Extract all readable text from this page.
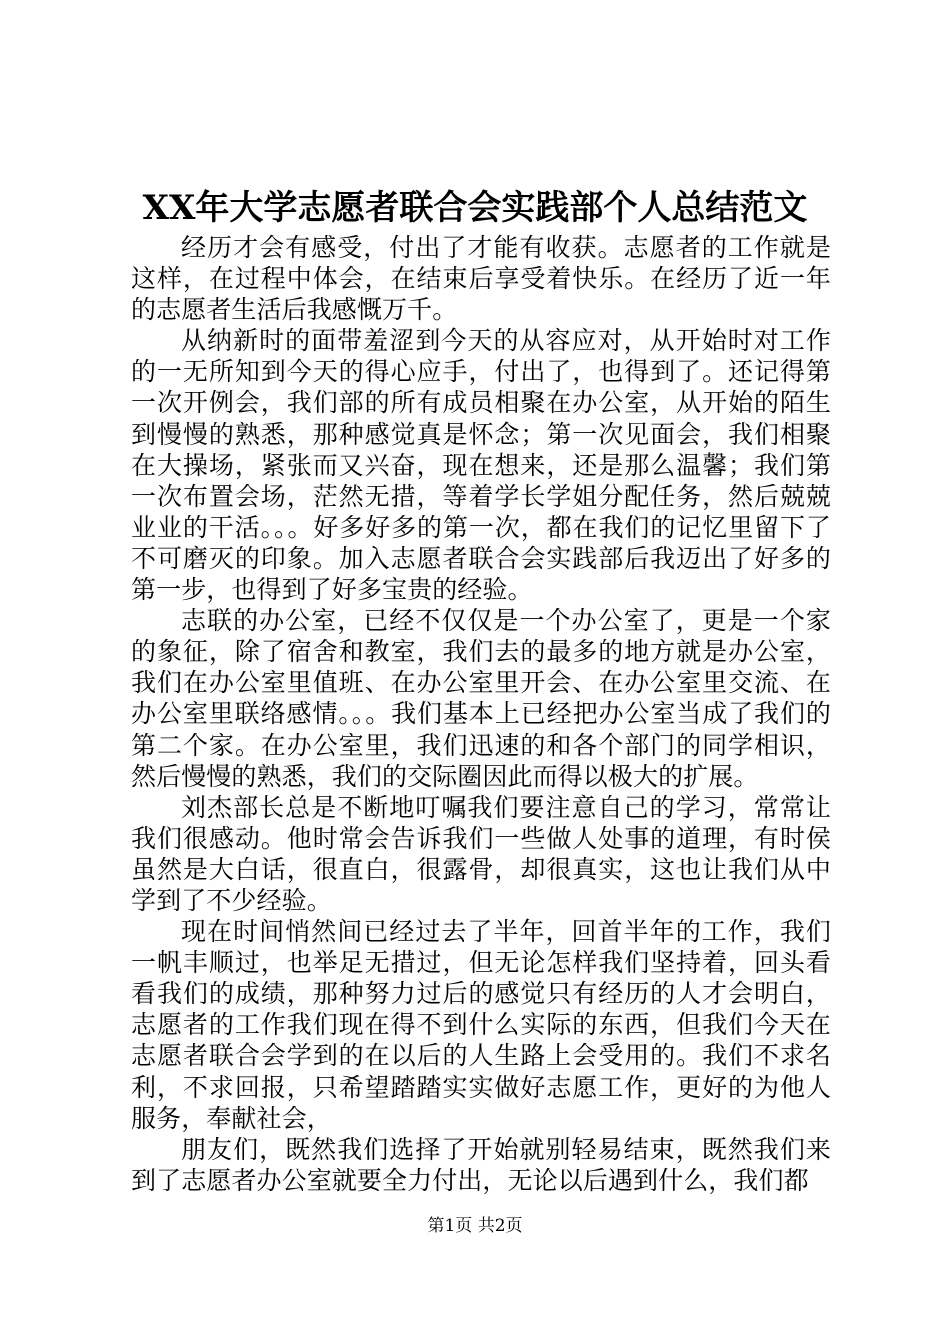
XX年大学志愿者联合会实践部个人总结范文

经历才会有感受，付出了才能有收获。志愿者的工作就是这样，在过程中体会，在结束后享受着快乐。在经历了近一年的志愿者生活后我感慨万千。

从纳新时的面带羞涩到今天的从容应对，从开始时对工作的一无所知到今天的得心应手，付出了，也得到了。还记得第一次开例会，我们部的所有成员相聚在办公室，从开始的陌生到慢慢的熟悉，那种感觉真是怀念；第一次见面会，我们相聚在大操场，紧张而又兴奋，现在想来，还是那么温馨；我们第一次布置会场，茫然无措，等着学长学姐分配任务，然后兢兢业业的干活。。。好多好多的第一次，都在我们的记忆里留下了不可磨灭的印象。加入志愿者联合会实践部后我迈出了好多的第一步，也得到了好多宝贵的经验。

志联的办公室，已经不仅仅是一个办公室了，更是一个家的象征，除了宿舍和教室，我们去的最多的地方就是办公室，我们在办公室里值班、在办公室里开会、在办公室里交流、在办公室里联络感情。。。我们基本上已经把办公室当成了我们的第二个家。在办公室里，我们迅速的和各个部门的同学相识，然后慢慢的熟悉，我们的交际圈因此而得以极大的扩展。

刘杰部长总是不断地叮嘱我们要注意自己的学习，常常让我们很感动。他时常会告诉我们一些做人处事的道理，有时侯虽然是大白话，很直白，很露骨，却很真实，这也让我们从中学到了不少经验。

现在时间悄然间已经过去了半年，回首半年的工作，我们一帆丰顺过，也举足无措过，但无论怎样我们坚持着，回头看看我们的成绩，那种努力过后的感觉只有经历的人才会明白，志愿者的工作我们现在得不到什么实际的东西，但我们今天在志愿者联合会学到的在以后的人生路上会受用的。我们不求名利，不求回报，只希望踏踏实实做好志愿工作，更好的为他人服务，奉献社会，

朋友们，既然我们选择了开始就别轻易结束，既然我们来到了志愿者办公室就要全力付出，无论以后遇到什么，我们都

第1页 共2页
